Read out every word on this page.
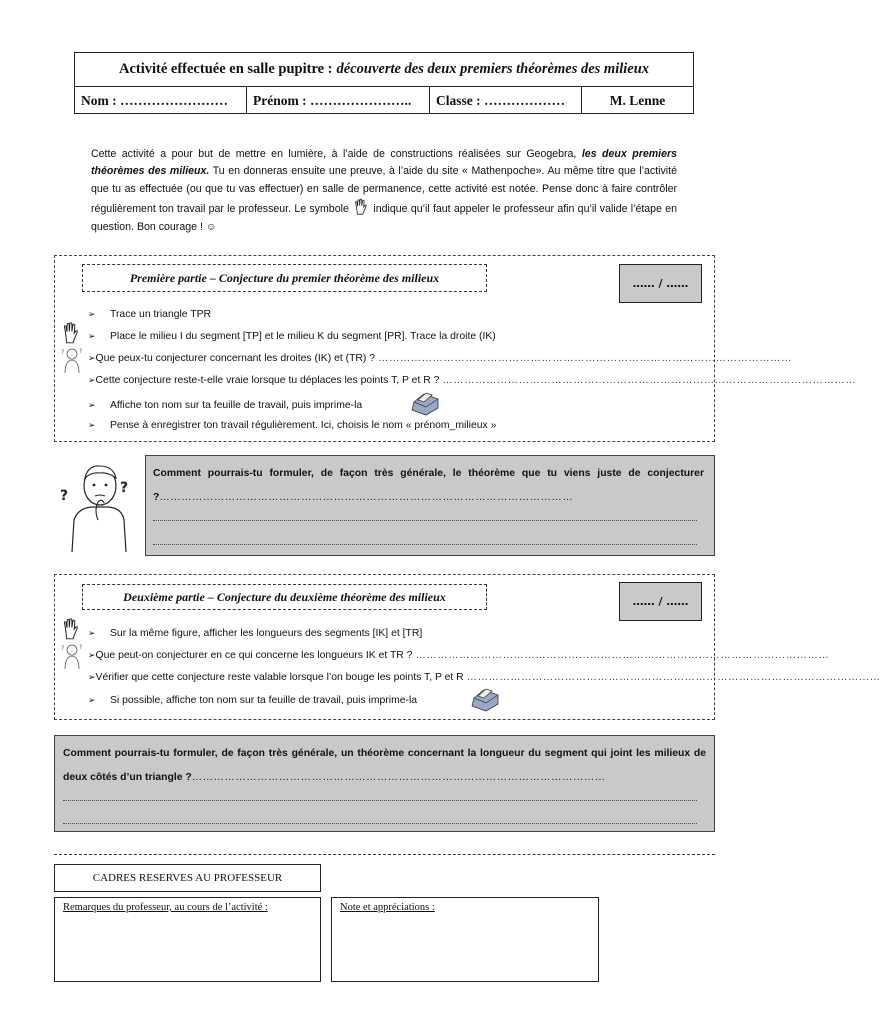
Activité effectuée en salle pupitre : découverte des deux premiers théorèmes des milieux
Nom : ……………………	Prénom : …………………..	Classe : ………………	M. Lenne
Cette activité a pour but de mettre en lumière, à l’aide de constructions réalisées sur Geogebra, les deux premiers théorèmes des milieux. Tu en donneras ensuite une preuve, à l’aide du site « Mathenpoche». Au même titre que l’activité que tu as effectuée (ou que tu vas effectuer) en salle de permanence, cette activité est notée. Pense donc à faire contrôler régulièrement ton travail par le professeur. Le symbole indique qu’il faut appeler le professeur afin qu’il valide l’étape en question. Bon courage ! ☺
Première partie – Conjecture du premier théorème des milieux	…… / ……
➢	Trace un triangle TPR
➢	Place le milieu I du segment [TP] et le milieu K du segment [PR]. Trace la droite (IK)
➢ Que peux-tu conjecturer concernant les droites (IK) et (TR) ? ……………………………………………………………………………………………………
➢ Cette conjecture reste-t-elle vraie lorsque tu déplaces les points T, P et R ? ……………………………………………………………………………………………………
➢	Affiche ton nom sur ta feuille de travail, puis imprime-la
➢	Pense à enregistrer ton travail régulièrement. Ici, choisis le nom « prénom_milieux »
? ?
?	?
Comment pourrais-tu formuler, de façon très générale, le théorème que tu viens juste de conjecturer ?……………………………………………………………………………………………………
Deuxième partie – Conjecture du deuxième théorème des milieux	…… / ……
➢	Sur la même figure, afficher les longueurs des segments [IK] et [TR]
➢ Que peut-on conjecturer en ce qui concerne les longueurs IK et TR ? ……………………………………………………………………………………………………
➢ Vérifier que cette conjecture reste valable lorsque l’on bouge les points T, P et R ……………………………………………………………………………………………………
➢	Si possible, affiche ton nom sur ta feuille de travail, puis imprime-la
? ?
Comment pourrais-tu formuler, de façon très générale, un théorème concernant la longueur du segment qui joint les milieux de deux côtés d’un triangle ?……………………………………………………………………………………………………
CADRES RESERVES AU PROFESSEUR
Remarques du professeur, au cours de l’activité :	Note et appréciations :
